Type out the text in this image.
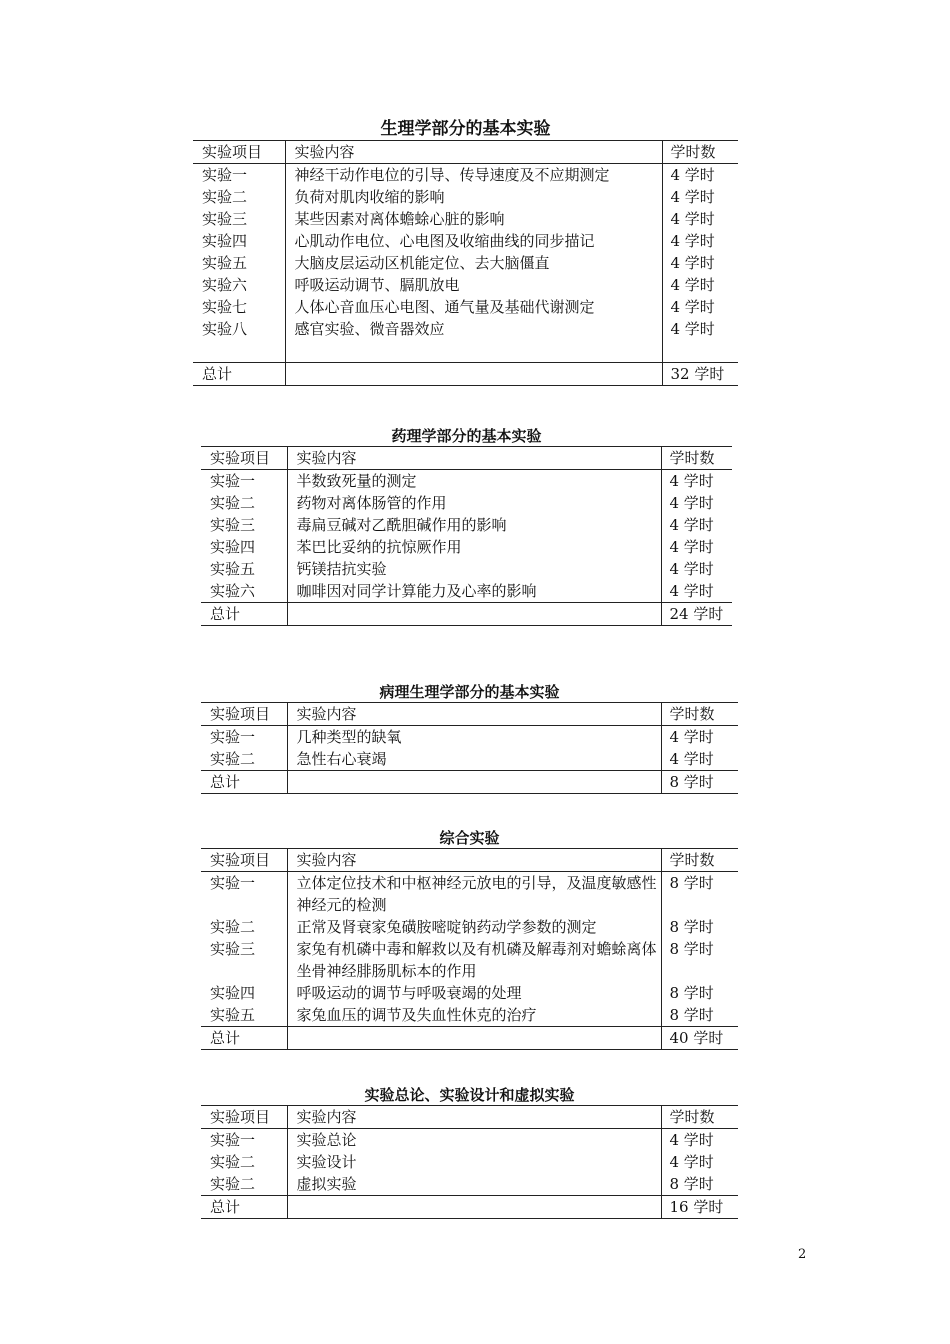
生理学部分的基本实验
实验项目	实验内容	学时数
实验一	神经干动作电位的引导、传导速度及不应期测定	4 学时
实验二	负荷对肌肉收缩的影响	4 学时
实验三	某些因素对离体蟾蜍心脏的影响	4 学时
实验四	心肌动作电位、心电图及收缩曲线的同步描记	4 学时
实验五	大脑皮层运动区机能定位、去大脑僵直	4 学时
实验六	呼吸运动调节、膈肌放电	4 学时
实验七	人体心音血压心电图、通气量及基础代谢测定	4 学时
实验八	感官实验、微音器效应	4 学时

总计		32 学时
药理学部分的基本实验
实验项目	实验内容	学时数
实验一	半数致死量的测定	4 学时
实验二	药物对离体肠管的作用	4 学时
实验三	毒扁豆碱对乙酰胆碱作用的影响	4 学时
实验四	苯巴比妥纳的抗惊厥作用	4 学时
实验五	钙镁拮抗实验	4 学时
实验六	咖啡因对同学计算能力及心率的影响	4 学时
总计		24 学时
病理生理学部分的基本实验
实验项目	实验内容	学时数
实验一	几种类型的缺氧	4 学时
实验二	急性右心衰竭	4 学时
总计		8 学时
综合实验
实验项目	实验内容	学时数
实验一	立体定位技术和中枢神经元放电的引导，及温度敏感性神经元的检测	8 学时
实验二	正常及肾衰家兔磺胺嘧啶钠药动学参数的测定	8 学时
实验三	家兔有机磷中毒和解救以及有机磷及解毒剂对蟾蜍离体坐骨神经腓肠肌标本的作用	8 学时
实验四	呼吸运动的调节与呼吸衰竭的处理	8 学时
实验五	家兔血压的调节及失血性休克的治疗	8 学时
总计		40 学时
实验总论、实验设计和虚拟实验
实验项目	实验内容	学时数
实验一	实验总论	4 学时
实验二	实验设计	4 学时
实验二	虚拟实验	8 学时
总计		16 学时
2
